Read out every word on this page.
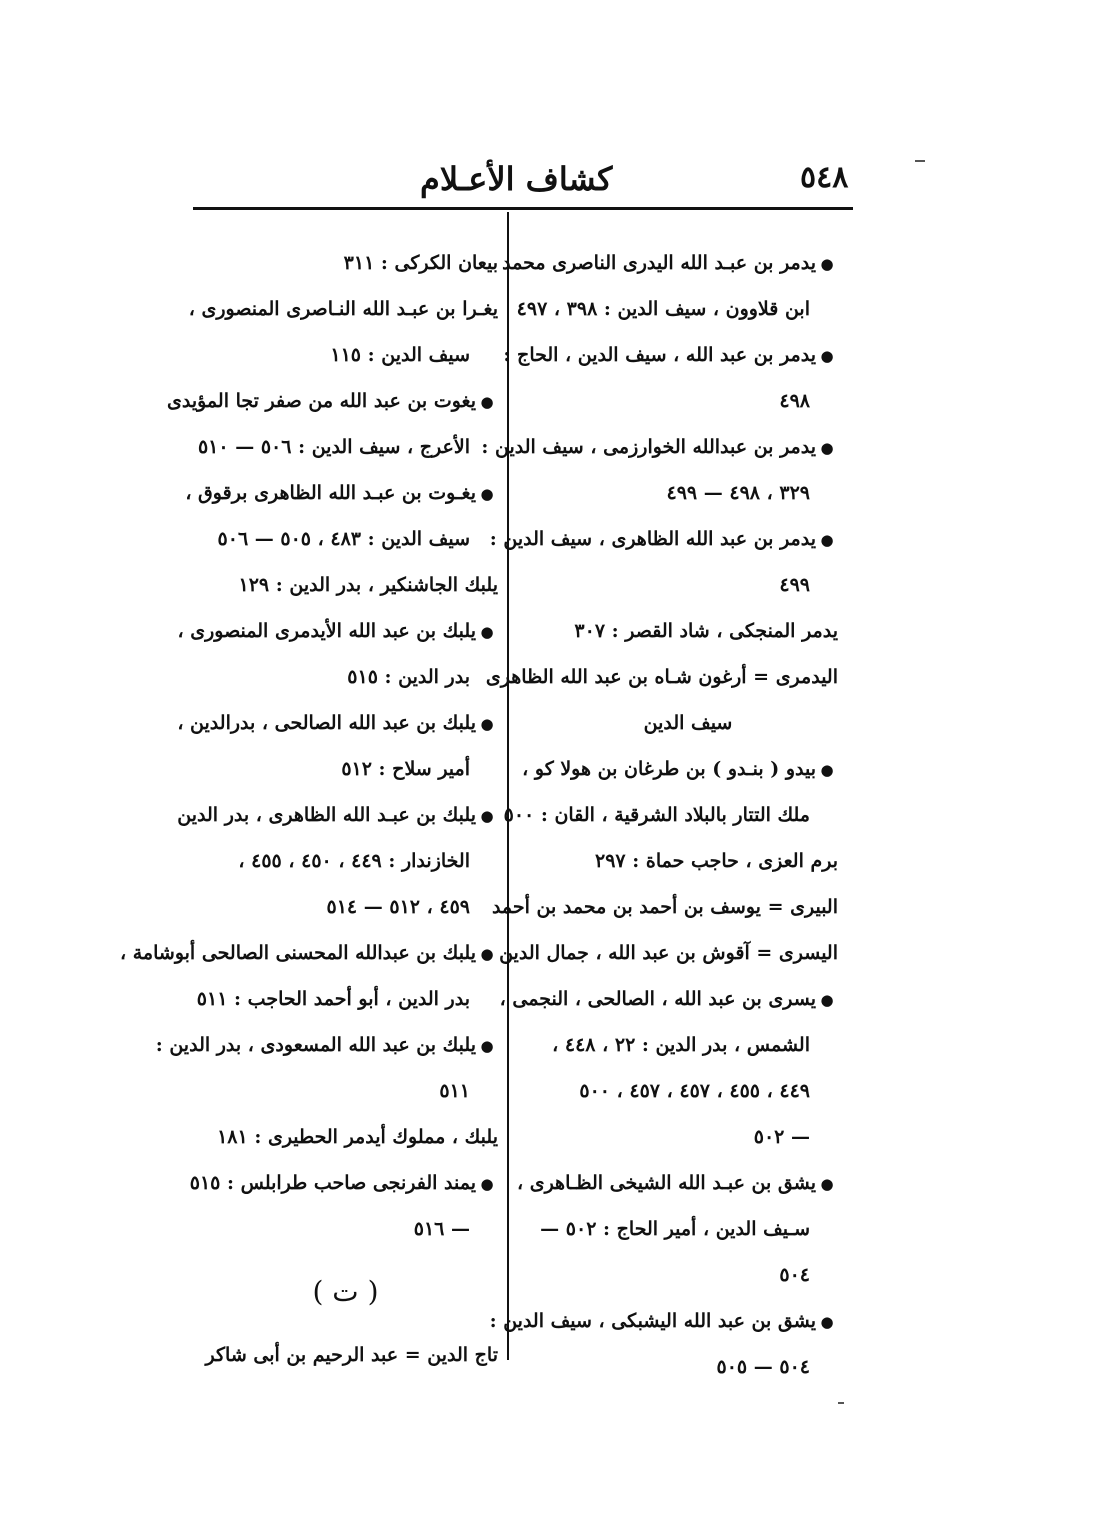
٥٤٨
كشاف الأعـلام
●يدمر بن عبـد الله اليدرى الناصرى محمد
ابن قلاوون ، سيف الدين : ٣٩٨ ، ٤٩٧
●يدمر بن عبد الله ، سيف الدين ، الحاج :
٤٩٨
●يدمر بن عبدالله الخوارزمى ، سيف الدين :
٣٢٩ ، ٤٩٨ — ٤٩٩
●يدمر بن عبد الله الظاهرى ، سيف الدين :
٤٩٩
يدمر المنجكى ، شاد القصر : ٣٠٧
اليدمرى = أرغون شـاه بن عبد الله الظاهرى
سيف الدين
●بيدو ( بنـدو ) بن طرغان بن هولا كو ،
ملك التتار بالبلاد الشرقية ، القان : ٥٠٠
برم العزى ، حاجب حماة : ٢٩٧
البيرى = يوسف بن أحمد بن محمد بن أحمد
اليسرى = آقوش بن عبد الله ، جمال الدين
●يسرى بن عبد الله ، الصالحى ، النجمى ،
الشمس ، بدر الدين : ٢٢ ، ٤٤٨ ،
٤٤٩ ، ٤٥٥ ، ٤٥٧ ، ٤٥٧ ، ٥٠٠
— ٥٠٢
●يشق بن عبـد الله الشيخى الظـاهرى ،
سـيف الدين ، أمير الحاج : ٥٠٢ —
٥٠٤
●يشق بن عبد الله اليشبكى ، سيف الدين :
٥٠٤ — ٥٠٥
بيعان الكركى : ٣١١
يغـرا بن عبـد الله النـاصرى المنصورى ،
سيف الدين : ١١٥
●يغوت بن عبد الله من صفر تجا المؤيدى
الأعرج ، سيف الدين : ٥٠٦ — ٥١٠
●يغـوت بن عبـد الله الظاهرى برقوق ،
سيف الدين : ٤٨٣ ، ٥٠٥ — ٥٠٦
يلبك الجاشنكير ، بدر الدين : ١٢٩
●يلبك بن عبد الله الأيدمرى المنصورى ،
بدر الدين : ٥١٥
●يلبك بن عبد الله الصالحى ، بدرالدين ،
أمير سلاح : ٥١٢
●يلبك بن عبـد الله الظاهرى ، بدر الدين
الخازندار : ٤٤٩ ، ٤٥٠ ، ٤٥٥ ،
٤٥٩ ، ٥١٢ — ٥١٤
●يلبك بن عبدالله المحسنى الصالحى أبوشامة ،
بدر الدين ، أبو أحمد الحاجب : ٥١١
●يلبك بن عبد الله المسعودى ، بدر الدين :
٥١١
يلبك ، مملوك أيدمر الحطيرى : ١٨١
●يمند الفرنجى صاحب طرابلس : ٥١٥
— ٥١٦
( ت )
تاج الدين = عبد الرحيم بن أبى شاكر
